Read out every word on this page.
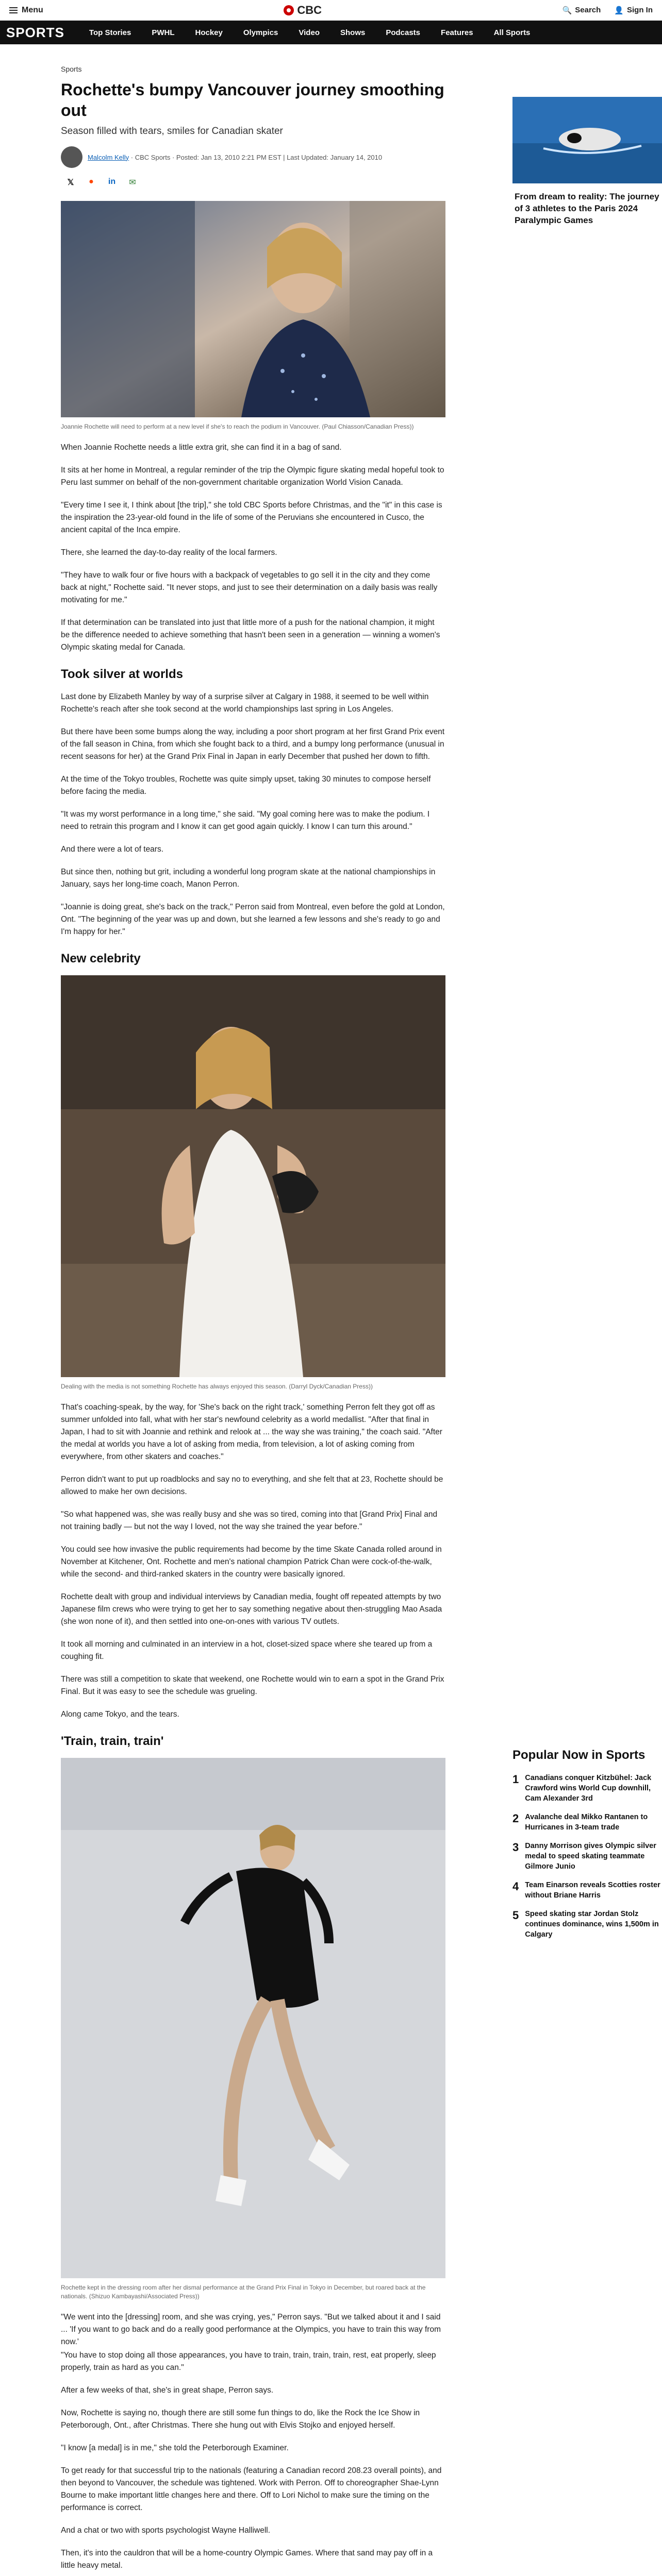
Menu	CBC	🔍 Search 👤 Sign In
SPORTS	Top Stories	PWHL	Hockey	Olympics	Video	Shows	Podcasts	Features	All Sports
Sports
Rochette's bumpy Vancouver journey smoothing out
Season filled with tears, smiles for Canadian skater
Malcolm Kelly · CBC Sports · Posted: Jan 13, 2010 2:21 PM EST | Last Updated: January 14, 2010
𝕏 ● in ✉
Joannie Rochette will need to perform at a new level if she's to reach the podium in Vancouver. (Paul Chiasson/Canadian Press))

When Joannie Rochette needs a little extra grit, she can find it in a bag of sand.

It sits at her home in Montreal, a regular reminder of the trip the Olympic figure skating medal hopeful took to Peru last summer on behalf of the non-government charitable organization World Vision Canada.

"Every time I see it, I think about [the trip]," she told CBC Sports before Christmas, and the "it" in this case is the inspiration the 23-year-old found in the life of some of the Peruvians she encountered in Cusco, the ancient capital of the Inca empire.

There, she learned the day-to-day reality of the local farmers.

"They have to walk four or five hours with a backpack of vegetables to go sell it in the city and they come back at night," Rochette said. "It never stops, and just to see their determination on a daily basis was really motivating for me."

If that determination can be translated into just that little more of a push for the national champion, it might be the difference needed to achieve something that hasn't been seen in a generation — winning a women's Olympic skating medal for Canada.

Took silver at worlds

Last done by Elizabeth Manley by way of a surprise silver at Calgary in 1988, it seemed to be well within Rochette's reach after she took second at the world championships last spring in Los Angeles.

But there have been some bumps along the way, including a poor short program at her first Grand Prix event of the fall season in China, from which she fought back to a third, and a bumpy long performance (unusual in recent seasons for her) at the Grand Prix Final in Japan in early December that pushed her down to fifth.

At the time of the Tokyo troubles, Rochette was quite simply upset, taking 30 minutes to compose herself before facing the media.

"It was my worst performance in a long time," she said. "My goal coming here was to make the podium. I need to retrain this program and I know it can get good again quickly. I know I can turn this around."

And there were a lot of tears.

But since then, nothing but grit, including a wonderful long program skate at the national championships in January, says her long-time coach, Manon Perron.

"Joannie is doing great, she's back on the track," Perron said from Montreal, even before the gold at London, Ont. "The beginning of the year was up and down, but she learned a few lessons and she's ready to go and I'm happy for her."

New celebrity
Dealing with the media is not something Rochette has always enjoyed this season. (Darryl Dyck/Canadian Press))

That's coaching-speak, by the way, for 'She's back on the right track,' something Perron felt they got off as summer unfolded into fall, what with her star's newfound celebrity as a world medallist. "After that final in Japan, I had to sit with Joannie and rethink and relook at ... the way she was training," the coach said. "After the medal at worlds you have a lot of asking from media, from television, a lot of asking coming from everywhere, from other skaters and coaches."

Perron didn't want to put up roadblocks and say no to everything, and she felt that at 23, Rochette should be allowed to make her own decisions.

"So what happened was, she was really busy and she was so tired, coming into that [Grand Prix] Final and not training badly — but not the way I loved, not the way she trained the year before."

You could see how invasive the public requirements had become by the time Skate Canada rolled around in November at Kitchener, Ont. Rochette and men's national champion Patrick Chan were cock-of-the-walk, while the second- and third-ranked skaters in the country were basically ignored.

Rochette dealt with group and individual interviews by Canadian media, fought off repeated attempts by two Japanese film crews who were trying to get her to say something negative about then-struggling Mao Asada (she won none of it), and then settled into one-on-ones with various TV outlets.

It took all morning and culminated in an interview in a hot, closet-sized space where she teared up from a coughing fit.

There was still a competition to skate that weekend, one Rochette would win to earn a spot in the Grand Prix Final. But it was easy to see the schedule was grueling.

Along came Tokyo, and the tears.

'Train, train, train'
Rochette kept in the dressing room after her dismal performance at the Grand Prix Final in Tokyo in December, but roared back at the nationals. (Shizuo Kambayashi/Associated Press))

"We went into the [dressing] room, and she was crying, yes," Perron says. "But we talked about it and I said ... 'If you want to go back and do a really good performance at the Olympics, you have to train this way from now.'

"You have to stop doing all those appearances, you have to train, train, train, train, rest, eat properly, sleep properly, train as hard as you can."

After a few weeks of that, she's in great shape, Perron says.

Now, Rochette is saying no, though there are still some fun things to do, like the Rock the Ice Show in Peterborough, Ont., after Christmas. There she hung out with Elvis Stojko and enjoyed herself.

"I know [a medal] is in me," she told the Peterborough Examiner.

To get ready for that successful trip to the nationals (featuring a Canadian record 208.23 overall points), and then beyond to Vancouver, the schedule was tightened. Work with Perron. Off to choreographer Shae-Lynn Bourne to make important little changes here and there. Off to Lori Nichol to make sure the timing on the performance is correct.

And a chat or two with sports psychologist Wayne Halliwell.

Then, it's into the cauldron that will be a home-country Olympic Games. Where that sand may pay off in a little heavy metal.

From dream to reality: The journey of 3 athletes to the Paris 2024 Paralympic Games
Popular Now in Sports
1 Canadians conquer Kitzbühel: Jack Crawford wins World Cup downhill, Cam Alexander 3rd
2 Avalanche deal Mikko Rantanen to Hurricanes in 3-team trade
3 Danny Morrison gives Olympic silver medal to speed skating teammate Gilmore Junio
4 Team Einarson reveals Scotties roster without Briane Harris
5 Speed skating star Jordan Stolz continues dominance, wins 1,500m in Calgary
